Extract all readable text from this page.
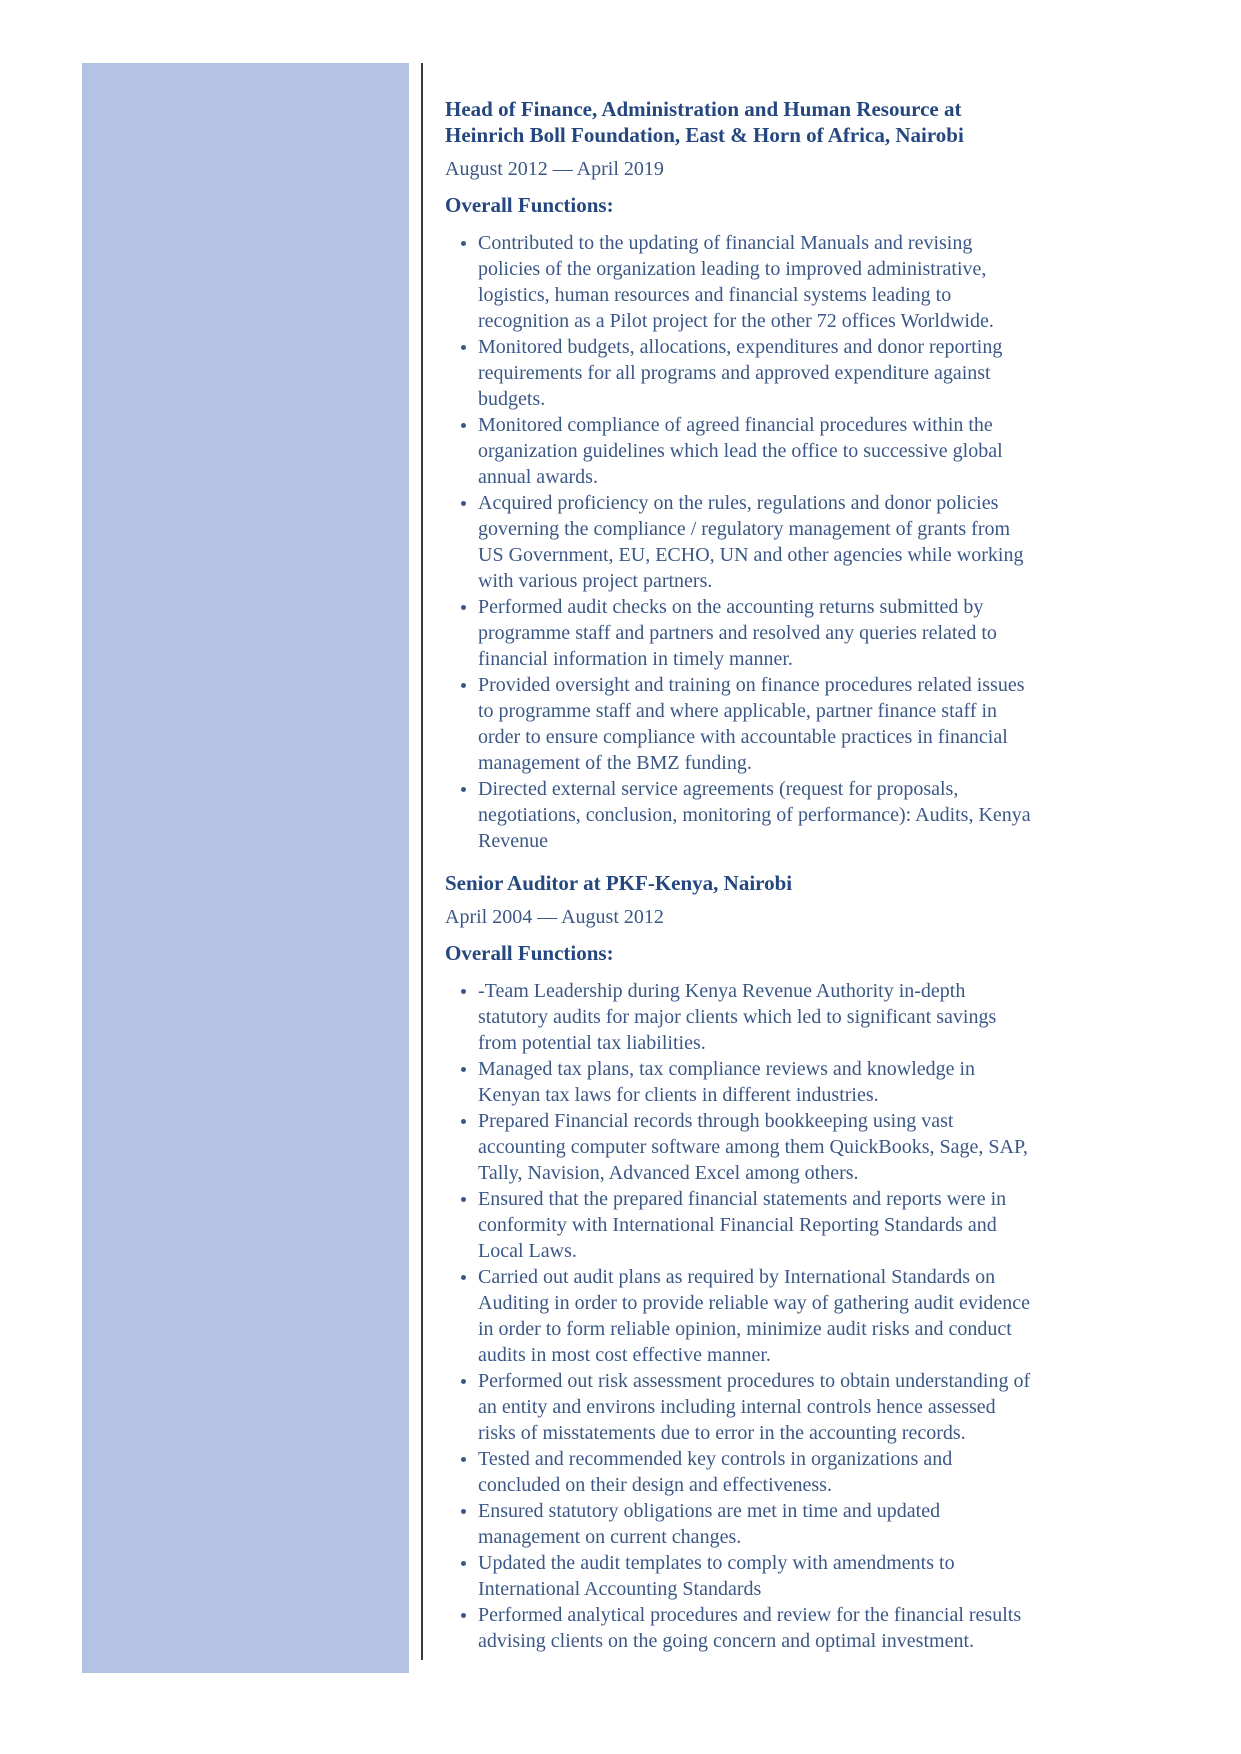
Head of Finance, Administration and Human Resource at Heinrich Boll Foundation, East & Horn of Africa, Nairobi

August 2012 — April 2019

Overall Functions:

Contributed to the updating of financial Manuals and revising policies of the organization leading to improved administrative, logistics, human resources and financial systems leading to recognition as a Pilot project for the other 72 offices Worldwide.
Monitored budgets, allocations, expenditures and donor reporting requirements for all programs and approved expenditure against budgets.
Monitored compliance of agreed financial procedures within the organization guidelines which lead the office to successive global annual awards.
Acquired proficiency on the rules, regulations and donor policies governing the compliance / regulatory management of grants from US Government, EU, ECHO, UN and other agencies while working with various project partners.
Performed audit checks on the accounting returns submitted by programme staff and partners and resolved any queries related to financial information in timely manner.
Provided oversight and training on finance procedures related issues to programme staff and where applicable, partner finance staff in order to ensure compliance with accountable practices in financial management of the BMZ funding.
Directed external service agreements (request for proposals, negotiations, conclusion, monitoring of performance): Audits, Kenya Revenue
Senior Auditor at PKF-Kenya, Nairobi

April 2004 — August 2012

Overall Functions:

-Team Leadership during Kenya Revenue Authority in-depth statutory audits for major clients which led to significant savings from potential tax liabilities.
Managed tax plans, tax compliance reviews and knowledge in Kenyan tax laws for clients in different industries.
Prepared Financial records through bookkeeping using vast accounting computer software among them QuickBooks, Sage, SAP, Tally, Navision, Advanced Excel among others.
Ensured that the prepared financial statements and reports were in conformity with International Financial Reporting Standards and Local Laws.
Carried out audit plans as required by International Standards on Auditing in order to provide reliable way of gathering audit evidence in order to form reliable opinion, minimize audit risks and conduct audits in most cost effective manner.
Performed out risk assessment procedures to obtain understanding of an entity and environs including internal controls hence assessed risks of misstatements due to error in the accounting records.
Tested and recommended key controls in organizations and concluded on their design and effectiveness.
Ensured statutory obligations are met in time and updated management on current changes.
Updated the audit templates to comply with amendments to International Accounting Standards
Performed analytical procedures and review for the financial results advising clients on the going concern and optimal investment.
